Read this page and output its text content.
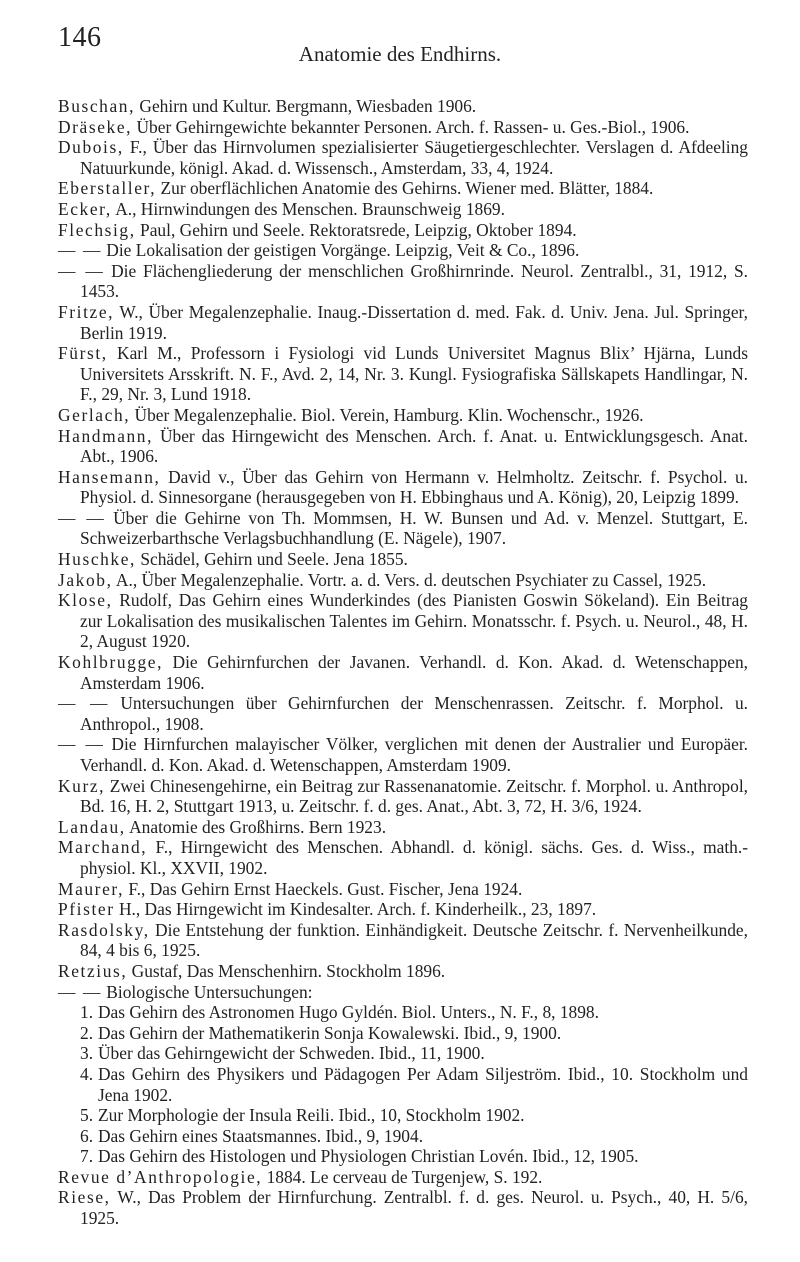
146
Anatomie des Endhirns.

Buschan, Gehirn und Kultur. Bergmann, Wiesbaden 1906.

Dräseke, Über Gehirngewichte bekannter Personen. Arch. f. Rassen- u. Ges.-Biol., 1906.

Dubois, F., Über das Hirnvolumen spezialisierter Säugetiergeschlechter. Verslagen d. Afdeeling Natuurkunde, königl. Akad. d. Wissensch., Amsterdam, 33, 4, 1924.

Eberstaller, Zur oberflächlichen Anatomie des Gehirns. Wiener med. Blätter, 1884.

Ecker, A., Hirnwindungen des Menschen. Braunschweig 1869.

Flechsig, Paul, Gehirn und Seele. Rektoratsrede, Leipzig, Oktober 1894.

— — Die Lokalisation der geistigen Vorgänge. Leipzig, Veit & Co., 1896.

— — Die Flächengliederung der menschlichen Großhirnrinde. Neurol. Zentralbl., 31, 1912, S. 1453.

Fritze, W., Über Megalenzephalie. Inaug.-Dissertation d. med. Fak. d. Univ. Jena. Jul. Springer, Berlin 1919.

Fürst, Karl M., Professorn i Fysiologi vid Lunds Universitet Magnus Blix’ Hjärna, Lunds Universitets Arsskrift. N. F., Avd. 2, 14, Nr. 3. Kungl. Fysiografiska Sällskapets Handlingar, N. F., 29, Nr. 3, Lund 1918.

Gerlach, Über Megalenzephalie. Biol. Verein, Hamburg. Klin. Wochenschr., 1926.

Handmann, Über das Hirngewicht des Menschen. Arch. f. Anat. u. Entwicklungsgesch. Anat. Abt., 1906.

Hansemann, David v., Über das Gehirn von Hermann v. Helmholtz. Zeitschr. f. Psychol. u. Physiol. d. Sinnesorgane (herausgegeben von H. Ebbinghaus und A. König), 20, Leipzig 1899.

— — Über die Gehirne von Th. Mommsen, H. W. Bunsen und Ad. v. Menzel. Stuttgart, E. Schweizerbarthsche Verlagsbuchhandlung (E. Nägele), 1907.

Huschke, Schädel, Gehirn und Seele. Jena 1855.

Jakob, A., Über Megalenzephalie. Vortr. a. d. Vers. d. deutschen Psychiater zu Cassel, 1925.

Klose, Rudolf, Das Gehirn eines Wunderkindes (des Pianisten Goswin Sökeland). Ein Beitrag zur Lokalisation des musikalischen Talentes im Gehirn. Monatsschr. f. Psych. u. Neurol., 48, H. 2, August 1920.

Kohlbrugge, Die Gehirnfurchen der Javanen. Verhandl. d. Kon. Akad. d. Wetenschappen, Amsterdam 1906.

— — Untersuchungen über Gehirnfurchen der Menschenrassen. Zeitschr. f. Morphol. u. Anthropol., 1908.

— — Die Hirnfurchen malayischer Völker, verglichen mit denen der Australier und Europäer. Verhandl. d. Kon. Akad. d. Wetenschappen, Amsterdam 1909.

Kurz, Zwei Chinesengehirne, ein Beitrag zur Rassenanatomie. Zeitschr. f. Morphol. u. Anthropol, Bd. 16, H. 2, Stuttgart 1913, u. Zeitschr. f. d. ges. Anat., Abt. 3, 72, H. 3/6, 1924.

Landau, Anatomie des Großhirns. Bern 1923.

Marchand, F., Hirngewicht des Menschen. Abhandl. d. königl. sächs. Ges. d. Wiss., math.-physiol. Kl., XXVII, 1902.

Maurer, F., Das Gehirn Ernst Haeckels. Gust. Fischer, Jena 1924.

Pfister H., Das Hirngewicht im Kindesalter. Arch. f. Kinderheilk., 23, 1897.

Rasdolsky, Die Entstehung der funktion. Einhändigkeit. Deutsche Zeitschr. f. Nervenheilkunde, 84, 4 bis 6, 1925.

Retzius, Gustaf, Das Menschenhirn. Stockholm 1896.

— — Biologische Untersuchungen:

1. Das Gehirn des Astronomen Hugo Gyldén. Biol. Unters., N. F., 8, 1898.

2. Das Gehirn der Mathematikerin Sonja Kowalewski. Ibid., 9, 1900.

3. Über das Gehirngewicht der Schweden. Ibid., 11, 1900.

4. Das Gehirn des Physikers und Pädagogen Per Adam Siljeström. Ibid., 10. Stockholm und Jena 1902.

5. Zur Morphologie der Insula Reili. Ibid., 10, Stockholm 1902.

6. Das Gehirn eines Staatsmannes. Ibid., 9, 1904.

7. Das Gehirn des Histologen und Physiologen Christian Lovén. Ibid., 12, 1905.

Revue d’Anthropologie, 1884. Le cerveau de Turgenjew, S. 192.

Riese, W., Das Problem der Hirnfurchung. Zentralbl. f. d. ges. Neurol. u. Psych., 40, H. 5/6, 1925.
